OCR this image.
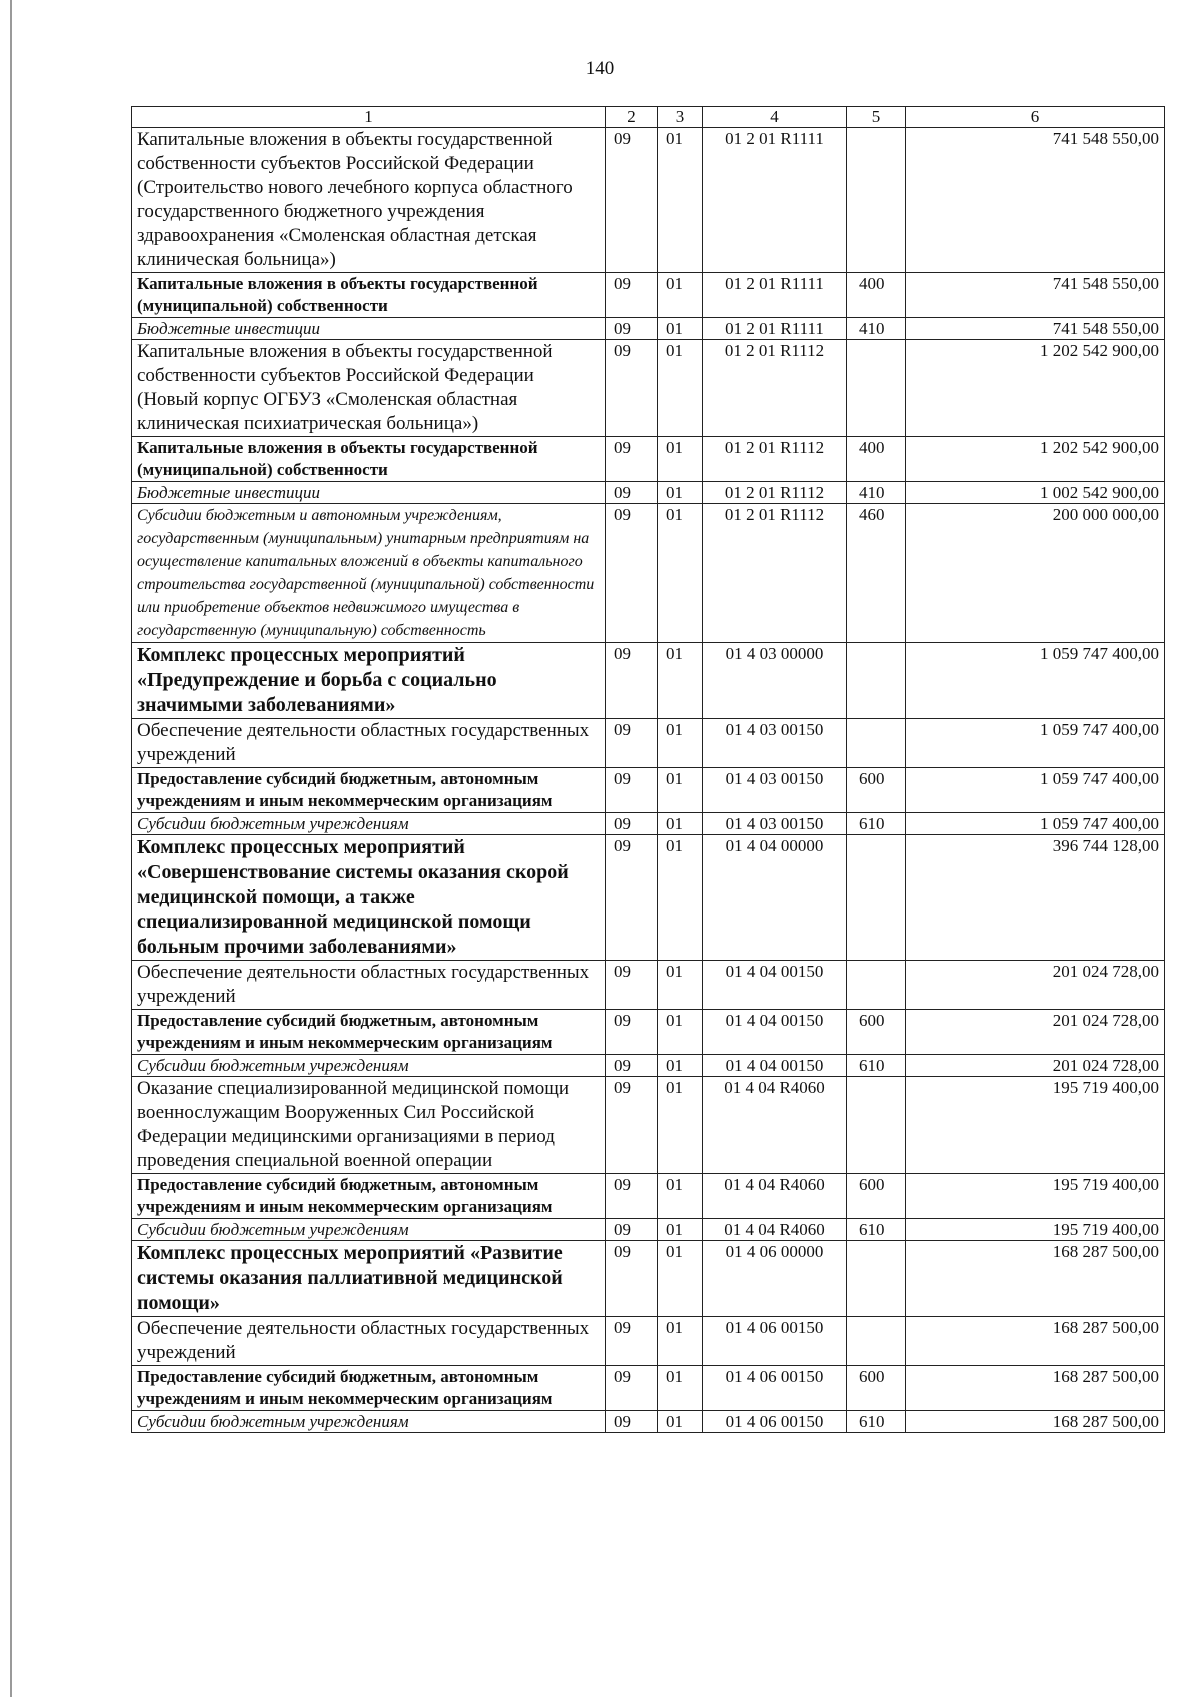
140
1	2	3	4	5	6
Капитальные вложения в объекты государственной собственности субъектов Российской Федерации (Строительство нового лечебного корпуса областного государственного бюджетного учреждения здравоохранения «Смоленская областная детская клиническая больница»)	09	01	01 2 01 R1111		741 548 550,00
Капитальные вложения в объекты государственной (муниципальной) собственности	09	01	01 2 01 R1111	400	741 548 550,00
Бюджетные инвестиции	09	01	01 2 01 R1111	410	741 548 550,00
Капитальные вложения в объекты государственной собственности субъектов Российской Федерации (Новый корпус ОГБУЗ «Смоленская областная клиническая психиатрическая больница»)	09	01	01 2 01 R1112		1 202 542 900,00
Капитальные вложения в объекты государственной (муниципальной) собственности	09	01	01 2 01 R1112	400	1 202 542 900,00
Бюджетные инвестиции	09	01	01 2 01 R1112	410	1 002 542 900,00
Субсидии бюджетным и автономным учреждениям, государственным (муниципальным) унитарным предприятиям на осуществление капитальных вложений в объекты капитального строительства государственной (муниципальной) собственности или приобретение объектов недвижимого имущества в государственную (муниципальную) собственность	09	01	01 2 01 R1112	460	200 000 000,00
Комплекс процессных мероприятий «Предупреждение и борьба с социально значимыми заболеваниями»	09	01	01 4 03 00000		1 059 747 400,00
Обеспечение деятельности областных государственных учреждений	09	01	01 4 03 00150		1 059 747 400,00
Предоставление субсидий бюджетным, автономным учреждениям и иным некоммерческим организациям	09	01	01 4 03 00150	600	1 059 747 400,00
Субсидии бюджетным учреждениям	09	01	01 4 03 00150	610	1 059 747 400,00
Комплекс процессных мероприятий «Совершенствование системы оказания скорой медицинской помощи, а также специализированной медицинской помощи больным прочими заболеваниями»	09	01	01 4 04 00000		396 744 128,00
Обеспечение деятельности областных государственных учреждений	09	01	01 4 04 00150		201 024 728,00
Предоставление субсидий бюджетным, автономным учреждениям и иным некоммерческим организациям	09	01	01 4 04 00150	600	201 024 728,00
Субсидии бюджетным учреждениям	09	01	01 4 04 00150	610	201 024 728,00
Оказание специализированной медицинской помощи военнослужащим Вооруженных Сил Российской Федерации медицинскими организациями в период проведения специальной военной операции	09	01	01 4 04 R4060		195 719 400,00
Предоставление субсидий бюджетным, автономным учреждениям и иным некоммерческим организациям	09	01	01 4 04 R4060	600	195 719 400,00
Субсидии бюджетным учреждениям	09	01	01 4 04 R4060	610	195 719 400,00
Комплекс процессных мероприятий «Развитие системы оказания паллиативной медицинской помощи»	09	01	01 4 06 00000		168 287 500,00
Обеспечение деятельности областных государственных учреждений	09	01	01 4 06 00150		168 287 500,00
Предоставление субсидий бюджетным, автономным учреждениям и иным некоммерческим организациям	09	01	01 4 06 00150	600	168 287 500,00
Субсидии бюджетным учреждениям	09	01	01 4 06 00150	610	168 287 500,00
